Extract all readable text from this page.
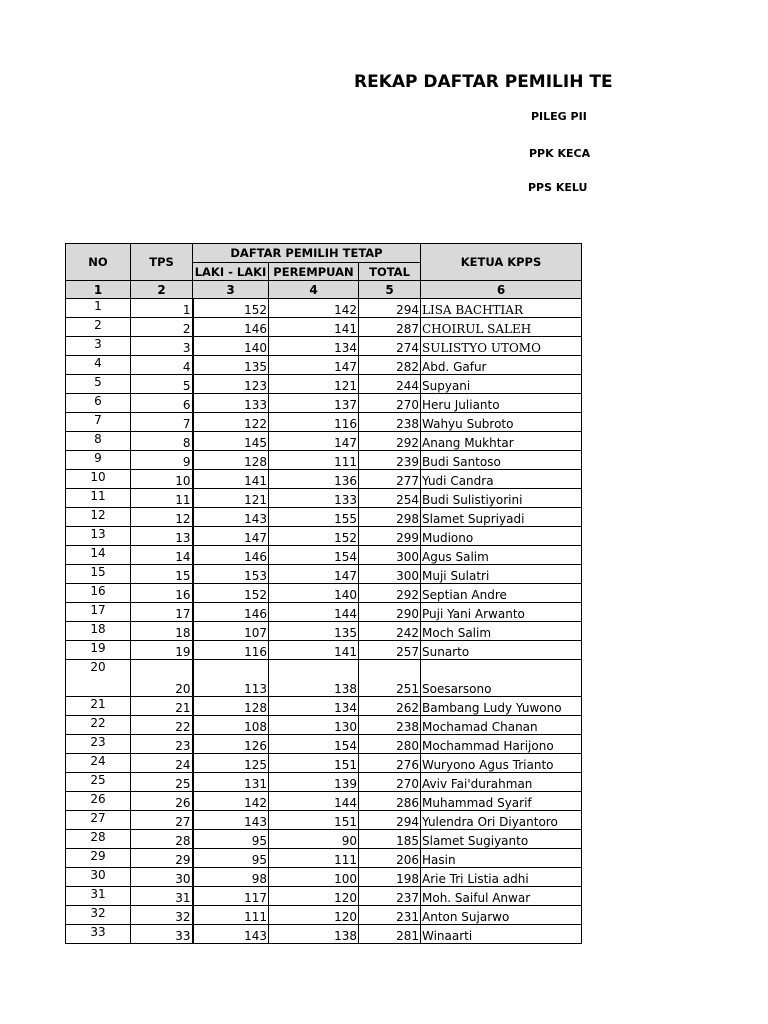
REKAP DAFTAR PEMILIH TE
PILEG PII
PPK KECA
PPS KELU
NO	TPS	DAFTAR PEMILIH TETAP			KETUA KPPS
		LAKI - LAKI	PEREMPUAN	TOTAL	
1	2	3	4	5	6
1	1	152	142	294	LISA BACHTIAR
2	2	146	141	287	CHOIRUL SALEH
3	3	140	134	274	SULISTYO UTOMO
4	4	135	147	282	Abd. Gafur
5	5	123	121	244	Supyani
6	6	133	137	270	Heru Julianto
7	7	122	116	238	Wahyu Subroto
8	8	145	147	292	Anang Mukhtar
9	9	128	111	239	Budi Santoso
10	10	141	136	277	Yudi Candra
11	11	121	133	254	Budi Sulistiyorini
12	12	143	155	298	Slamet Supriyadi
13	13	147	152	299	Mudiono
14	14	146	154	300	Agus Salim
15	15	153	147	300	Muji Sulatri
16	16	152	140	292	Septian Andre
17	17	146	144	290	Puji Yani Arwanto
18	18	107	135	242	Moch Salim
19	19	116	141	257	Sunarto
20	20	113	138	251	Soesarsono
21	21	128	134	262	Bambang Ludy Yuwono
22	22	108	130	238	Mochamad Chanan
23	23	126	154	280	Mochammad Harijono
24	24	125	151	276	Wuryono Agus Trianto
25	25	131	139	270	Aviv Fai'durahman
26	26	142	144	286	Muhammad Syarif
27	27	143	151	294	Yulendra Ori Diyantoro
28	28	95	90	185	Slamet Sugiyanto
29	29	95	111	206	Hasin
30	30	98	100	198	Arie Tri Listia adhi
31	31	117	120	237	Moh. Saiful Anwar
32	32	111	120	231	Anton Sujarwo
33	33	143	138	281	Winaarti
